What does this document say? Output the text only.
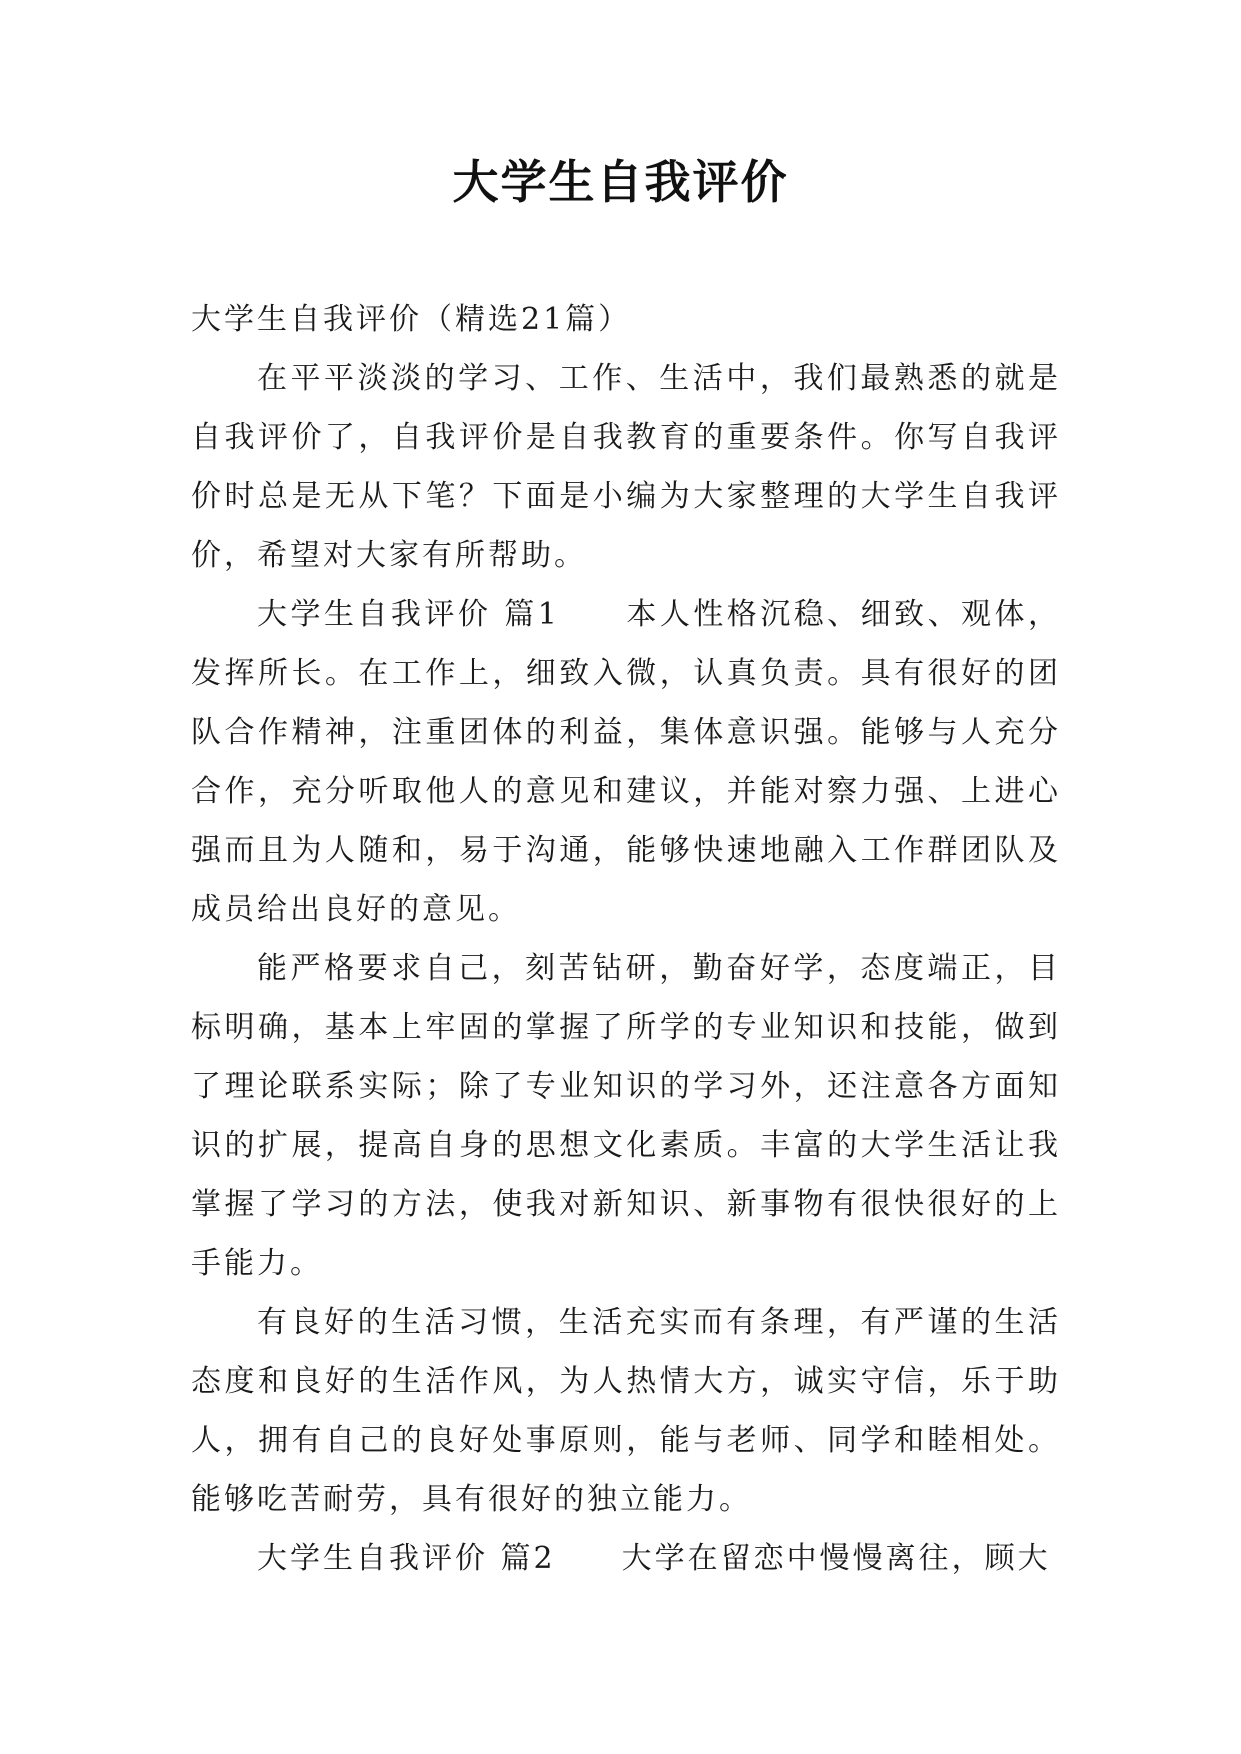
大学生自我评价

大学生自我评价（精选21篇）

在平平淡淡的学习、工作、生活中，我们最熟悉的就是自我评价了，自我评价是自我教育的重要条件。你写自我评价时总是无从下笔？下面是小编为大家整理的大学生自我评价，希望对大家有所帮助。

大学生自我评价 篇1 本人性格沉稳、细致、观体，发挥所长。在工作上，细致入微，认真负责。具有很好的团队合作精神，注重团体的利益，集体意识强。能够与人充分合作，充分听取他人的意见和建议，并能对察力强、上进心强而且为人随和，易于沟通，能够快速地融入工作群团队及成员给出良好的意见。

能严格要求自己，刻苦钻研，勤奋好学，态度端正，目标明确，基本上牢固的掌握了所学的专业知识和技能，做到了理论联系实际；除了专业知识的学习外，还注意各方面知识的扩展，提高自身的思想文化素质。丰富的大学生活让我掌握了学习的方法，使我对新知识、新事物有很快很好的上手能力。

有良好的生活习惯，生活充实而有条理，有严谨的生活态度和良好的生活作风，为人热情大方，诚实守信，乐于助人，拥有自己的良好处事原则，能与老师、同学和睦相处。能够吃苦耐劳，具有很好的独立能力。

大学生自我评价 篇2 大学在留恋中慢慢离往，顾大
